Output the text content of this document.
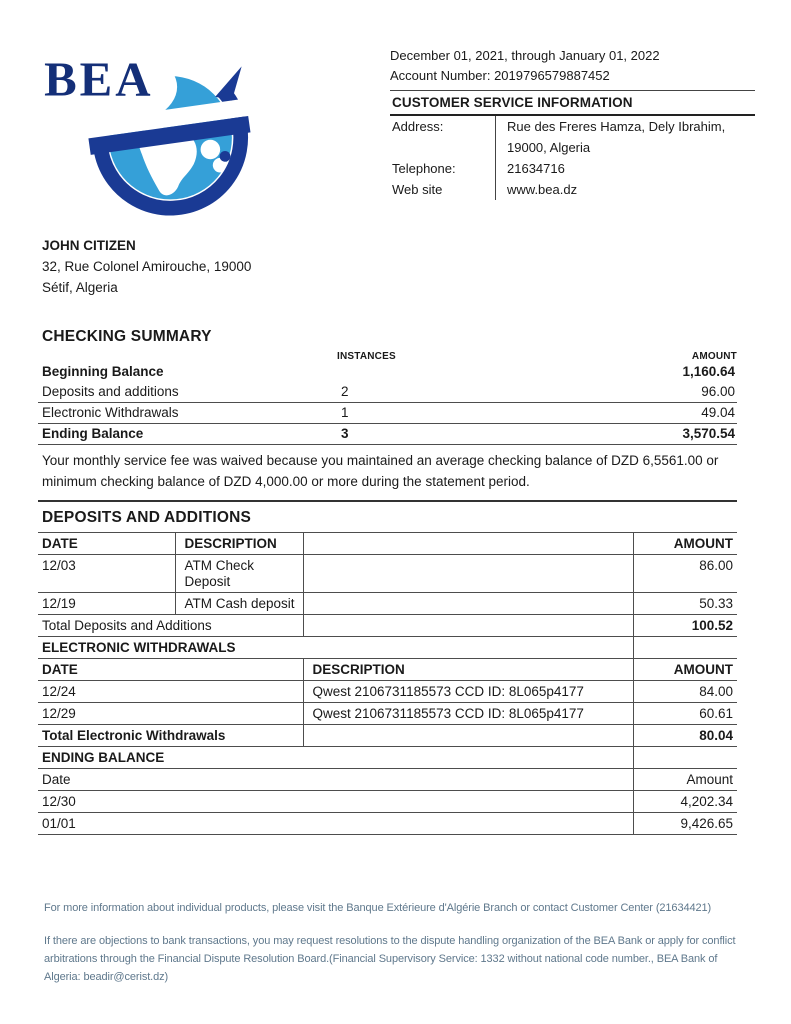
BEA	December 01, 2021, through January 01, 2022
Account Number: 2019796579887452
CUSTOMER SERVICE INFORMATION
Address:	Rue des Freres Hamza, Dely Ibrahim,
19000, Algeria
Telephone:	21634716
Web site	www.bea.dz
JOHN CITIZEN
32, Rue Colonel Amirouche, 19000
Sétif, Algeria
CHECKING SUMMARY
INSTANCES	AMOUNT
Beginning Balance	1,160.64
Deposits and additions	2	96.00
Electronic Withdrawals	1	49.04
Ending Balance	3	3,570.54

Your monthly service fee was waived because you maintained an average checking balance of DZD 6,5561.00 or minimum checking balance of DZD 4,000.00 or more during the statement period.

DEPOSITS AND ADDITIONS
DATE	DESCRIPTION		AMOUNT
12/03	ATM Check Deposit		86.00
12/19	ATM Cash deposit		50.33
Total Deposits and Additions			100.52
ELECTRONIC WITHDRAWALS			
DATE		DESCRIPTION	AMOUNT
12/24		Qwest 2106731185573 CCD ID: 8L065p4177	84.00
12/29		Qwest 2106731185573 CCD ID: 8L065p4177	60.61
Total Electronic Withdrawals			80.04
ENDING BALANCE			
Date			Amount
12/30			4,202.34
01/01			9,426.65

For more information about individual products, please visit the Banque Extérieure d'Algérie Branch or contact Customer Center (21634421)

If there are objections to bank transactions, you may request resolutions to the dispute handling organization of the BEA Bank or apply for conflict arbitrations through the Financial Dispute Resolution Board.(Financial Supervisory Service: 1332 without national code number., BEA Bank of Algeria: beadir@cerist.dz)
